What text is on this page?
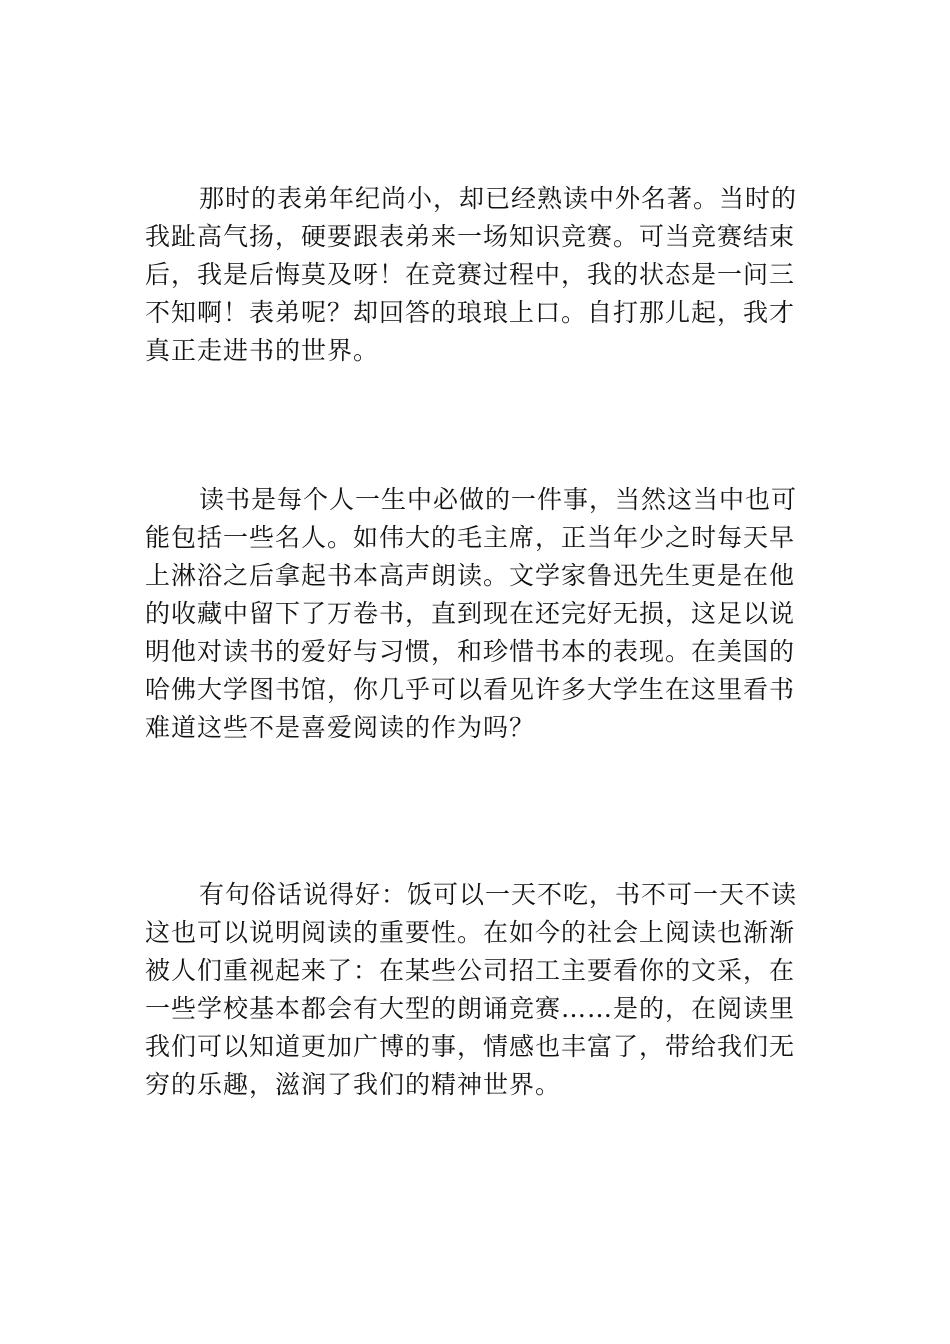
那时的表弟年纪尚小，却已经熟读中外名著。当时的
我趾高气扬，硬要跟表弟来一场知识竞赛。可当竞赛结束
后，我是后悔莫及呀！在竞赛过程中，我的状态是一问三
不知啊！表弟呢？却回答的琅琅上口。自打那儿起，我才
真正走进书的世界。
读书是每个人一生中必做的一件事，当然这当中也可
能包括一些名人。如伟大的毛主席，正当年少之时每天早
上淋浴之后拿起书本高声朗读。文学家鲁迅先生更是在他
的收藏中留下了万卷书，直到现在还完好无损，这足以说
明他对读书的爱好与习惯，和珍惜书本的表现。在美国的
哈佛大学图书馆，你几乎可以看见许多大学生在这里看书
难道这些不是喜爱阅读的作为吗？
有句俗话说得好：饭可以一天不吃，书不可一天不读
这也可以说明阅读的重要性。在如今的社会上阅读也渐渐
被人们重视起来了：在某些公司招工主要看你的文采，在
一些学校基本都会有大型的朗诵竞赛……是的，在阅读里
我们可以知道更加广博的事，情感也丰富了，带给我们无
穷的乐趣，滋润了我们的精神世界。
